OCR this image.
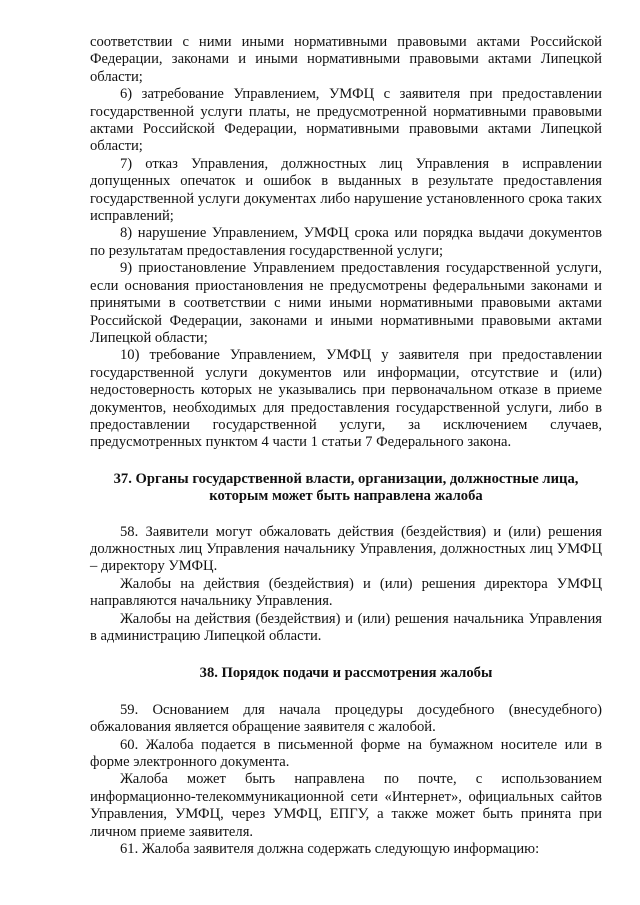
соответствии с ними иными нормативными правовыми актами Российской Федерации, законами и иными нормативными правовыми актами Липецкой области;

6) затребование Управлением, УМФЦ с заявителя при предоставлении государственной услуги платы, не предусмотренной нормативными правовыми актами Российской Федерации, нормативными правовыми актами Липецкой области;

7) отказ Управления, должностных лиц Управления в исправлении допущенных опечаток и ошибок в выданных в результате предоставления государственной услуги документах либо нарушение установленного срока таких исправлений;

8) нарушение Управлением, УМФЦ срока или порядка выдачи документов по результатам предоставления государственной услуги;

9) приостановление Управлением предоставления государственной услуги, если основания приостановления не предусмотрены федеральными законами и принятыми в соответствии с ними иными нормативными правовыми актами Российской Федерации, законами и иными нормативными правовыми актами Липецкой области;

10) требование Управлением, УМФЦ у заявителя при предоставлении государственной услуги документов или информации, отсутствие и (или) недостоверность которых не указывались при первоначальном отказе в приеме документов, необходимых для предоставления государственной услуги, либо в предоставлении государственной услуги, за исключением случаев, предусмотренных пунктом 4 части 1 статьи 7 Федерального закона.

37. Органы государственной власти, организации, должностные лица, которым может быть направлена жалоба

58. Заявители могут обжаловать действия (бездействия) и (или) решения должностных лиц Управления начальнику Управления, должностных лиц УМФЦ – директору УМФЦ.

Жалобы на действия (бездействия) и (или) решения директора УМФЦ направляются начальнику Управления.

Жалобы на действия (бездействия) и (или) решения начальника Управления в администрацию Липецкой области.

38. Порядок подачи и рассмотрения жалобы

59. Основанием для начала процедуры досудебного (внесудебного) обжалования является обращение заявителя с жалобой.

60. Жалоба подается в письменной форме на бумажном носителе или в форме электронного документа.

Жалоба может быть направлена по почте, с использованием информационно-телекоммуникационной сети «Интернет», официальных сайтов Управления, УМФЦ, через УМФЦ, ЕПГУ, а также может быть принята при личном приеме заявителя.

61. Жалоба заявителя должна содержать следующую информацию:
